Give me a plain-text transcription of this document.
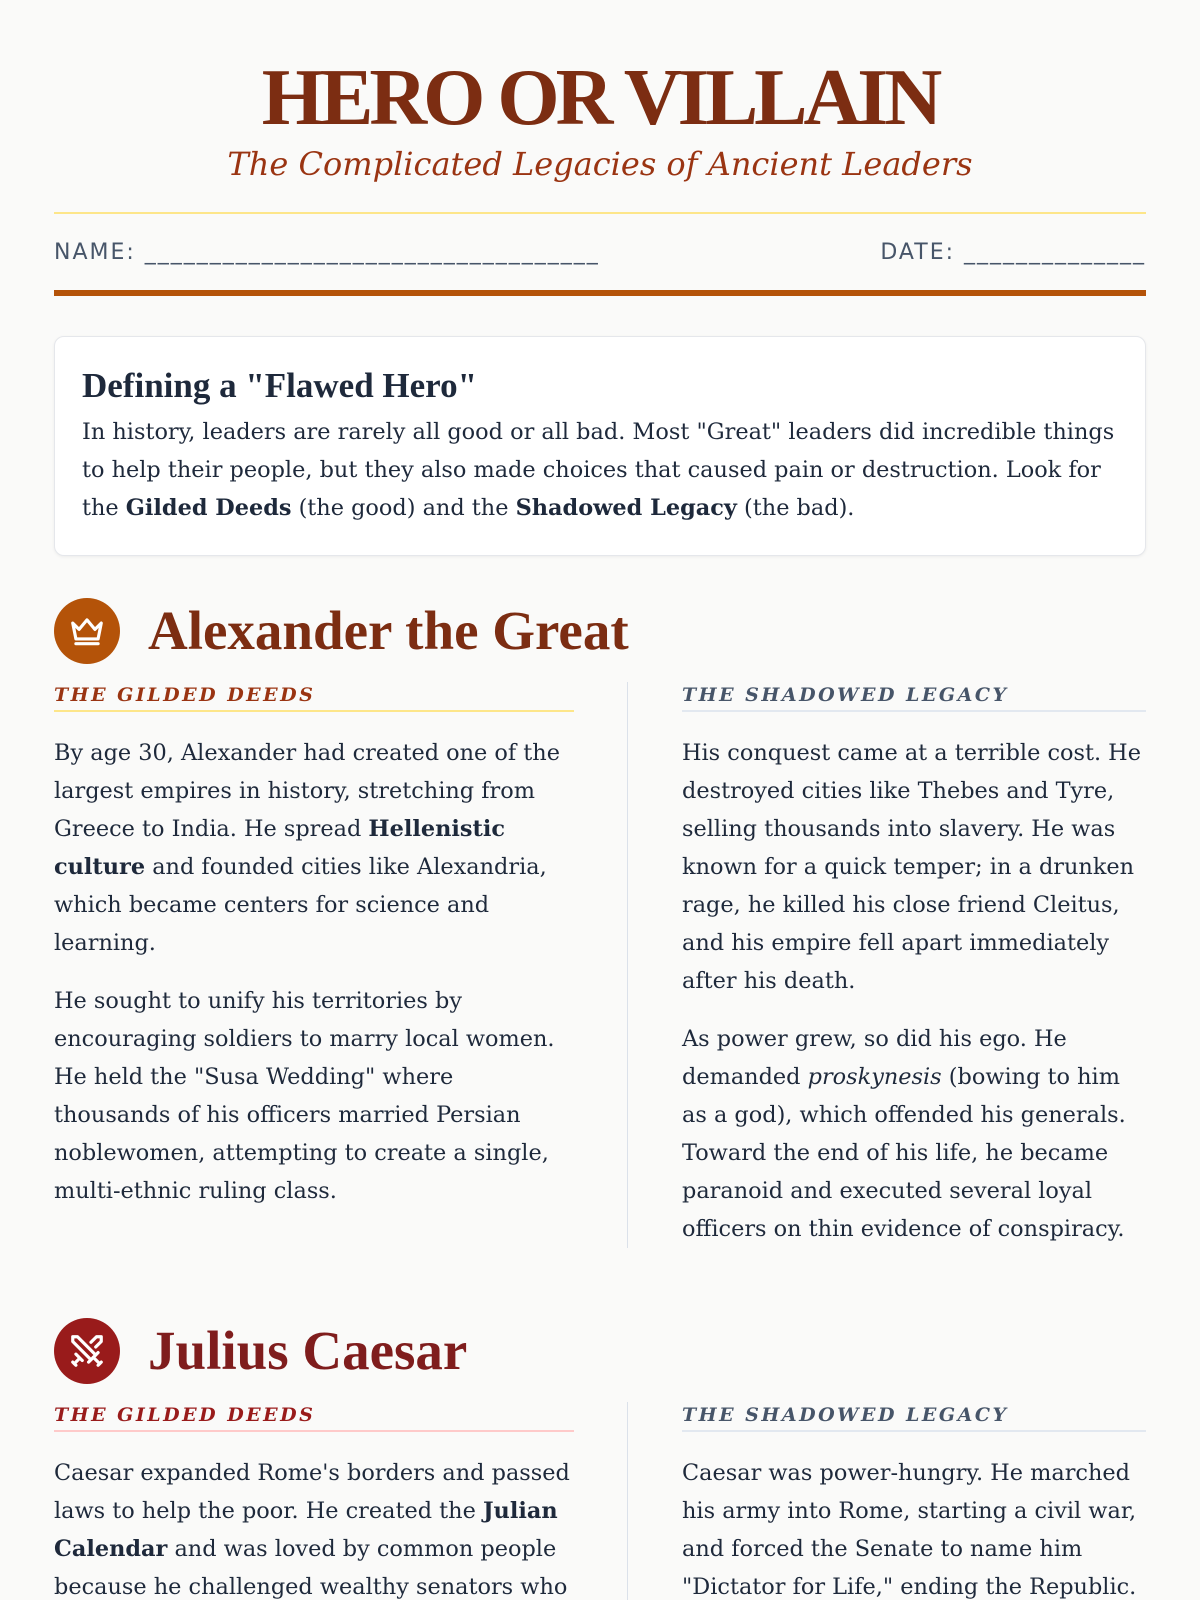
HERO OR VILLAIN
The Complicated Legacies of Ancient Leaders
NAME: ___________________________________	DATE: ______________
Defining a "Flawed Hero"

In history, leaders are rarely all good or all bad. Most "Great" leaders did incredible things to help their people, but they also made choices that caused pain or destruction. Look for the Gilded Deeds (the good) and the Shadowed Legacy (the bad).

Alexander the Great
THE GILDED DEEDS

By age 30, Alexander had created one of the largest empires in history, stretching from Greece to India. He spread Hellenistic culture and founded cities like Alexandria, which became centers for science and learning.

He sought to unify his territories by encouraging soldiers to marry local women. He held the "Susa Wedding" where thousands of his officers married Persian noblewomen, attempting to create a single, multi-ethnic ruling class.

THE SHADOWED LEGACY

His conquest came at a terrible cost. He destroyed cities like Thebes and Tyre, selling thousands into slavery. He was known for a quick temper; in a drunken rage, he killed his close friend Cleitus, and his empire fell apart immediately after his death.

As power grew, so did his ego. He demanded proskynesis (bowing to him as a god), which offended his generals. Toward the end of his life, he became paranoid and executed several loyal officers on thin evidence of conspiracy.

Julius Caesar
THE GILDED DEEDS

Caesar expanded Rome's borders and passed laws to help the poor. He created the Julian Calendar and was loved by common people because he challenged wealthy senators who

THE SHADOWED LEGACY

Caesar was power-hungry. He marched his army into Rome, starting a civil war, and forced the Senate to name him "Dictator for Life," ending the Republic.
